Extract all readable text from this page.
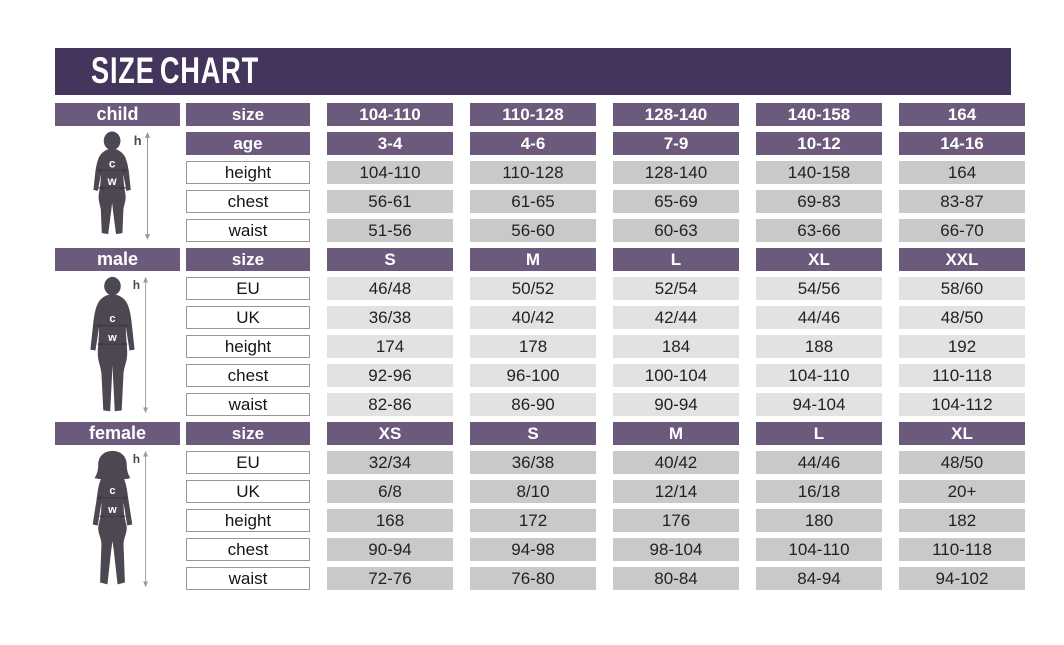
SIZE CHART
child
h
c
w
size	104-110	110-128	128-140	140-158	164
age	3-4	4-6	7-9	10-12	14-16
height	104-110	110-128	128-140	140-158	164
chest	56-61	61-65	65-69	69-83	83-87
waist	51-56	56-60	60-63	63-66	66-70
male
h
c
w
size	S	M	L	XL	XXL
EU	46/48	50/52	52/54	54/56	58/60
UK	36/38	40/42	42/44	44/46	48/50
height	174	178	184	188	192
chest	92-96	96-100	100-104	104-110	110-118
waist	82-86	86-90	90-94	94-104	104-112
female
h
c
w
size	XS	S	M	L	XL
EU	32/34	36/38	40/42	44/46	48/50
UK	6/8	8/10	12/14	16/18	20+
height	168	172	176	180	182
chest	90-94	94-98	98-104	104-110	110-118
waist	72-76	76-80	80-84	84-94	94-102
